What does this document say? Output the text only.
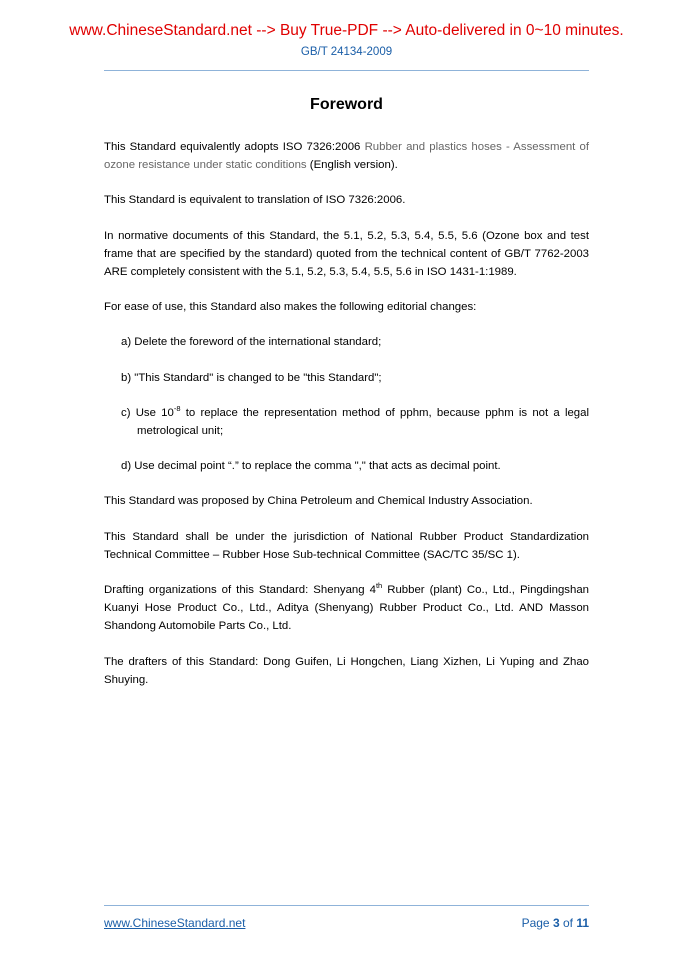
www.ChineseStandard.net --> Buy True-PDF --> Auto-delivered in 0~10 minutes.
GB/T 24134-2009
Foreword

This Standard equivalently adopts ISO 7326:2006 Rubber and plastics hoses - Assessment of ozone resistance under static conditions (English version).

This Standard is equivalent to translation of ISO 7326:2006.

In normative documents of this Standard, the 5.1, 5.2, 5.3, 5.4, 5.5, 5.6 (Ozone box and test frame that are specified by the standard) quoted from the technical content of GB/T 7762-2003 ARE completely consistent with the 5.1, 5.2, 5.3, 5.4, 5.5, 5.6 in ISO 1431-1:1989.

For ease of use, this Standard also makes the following editorial changes:

a) Delete the foreword of the international standard;

b) "This Standard" is changed to be "this Standard";

c) Use $10^{-8}$ to replace the representation method of pphm, because pphm is not a legal metrological unit;

d) Use decimal point “.” to replace the comma "," that acts as decimal point.

This Standard was proposed by China Petroleum and Chemical Industry Association.

This Standard shall be under the jurisdiction of National Rubber Product Standardization Technical Committee – Rubber Hose Sub-technical Committee (SAC/TC 35/SC 1).

Drafting organizations of this Standard: Shenyang 4th Rubber (plant) Co., Ltd., Pingdingshan Kuanyi Hose Product Co., Ltd., Aditya (Shenyang) Rubber Product Co., Ltd. AND Masson Shandong Automobile Parts Co., Ltd.

The drafters of this Standard: Dong Guifen, Li Hongchen, Liang Xizhen, Li Yuping and Zhao Shuying.

www.ChineseStandard.net	Page 3 of 11
